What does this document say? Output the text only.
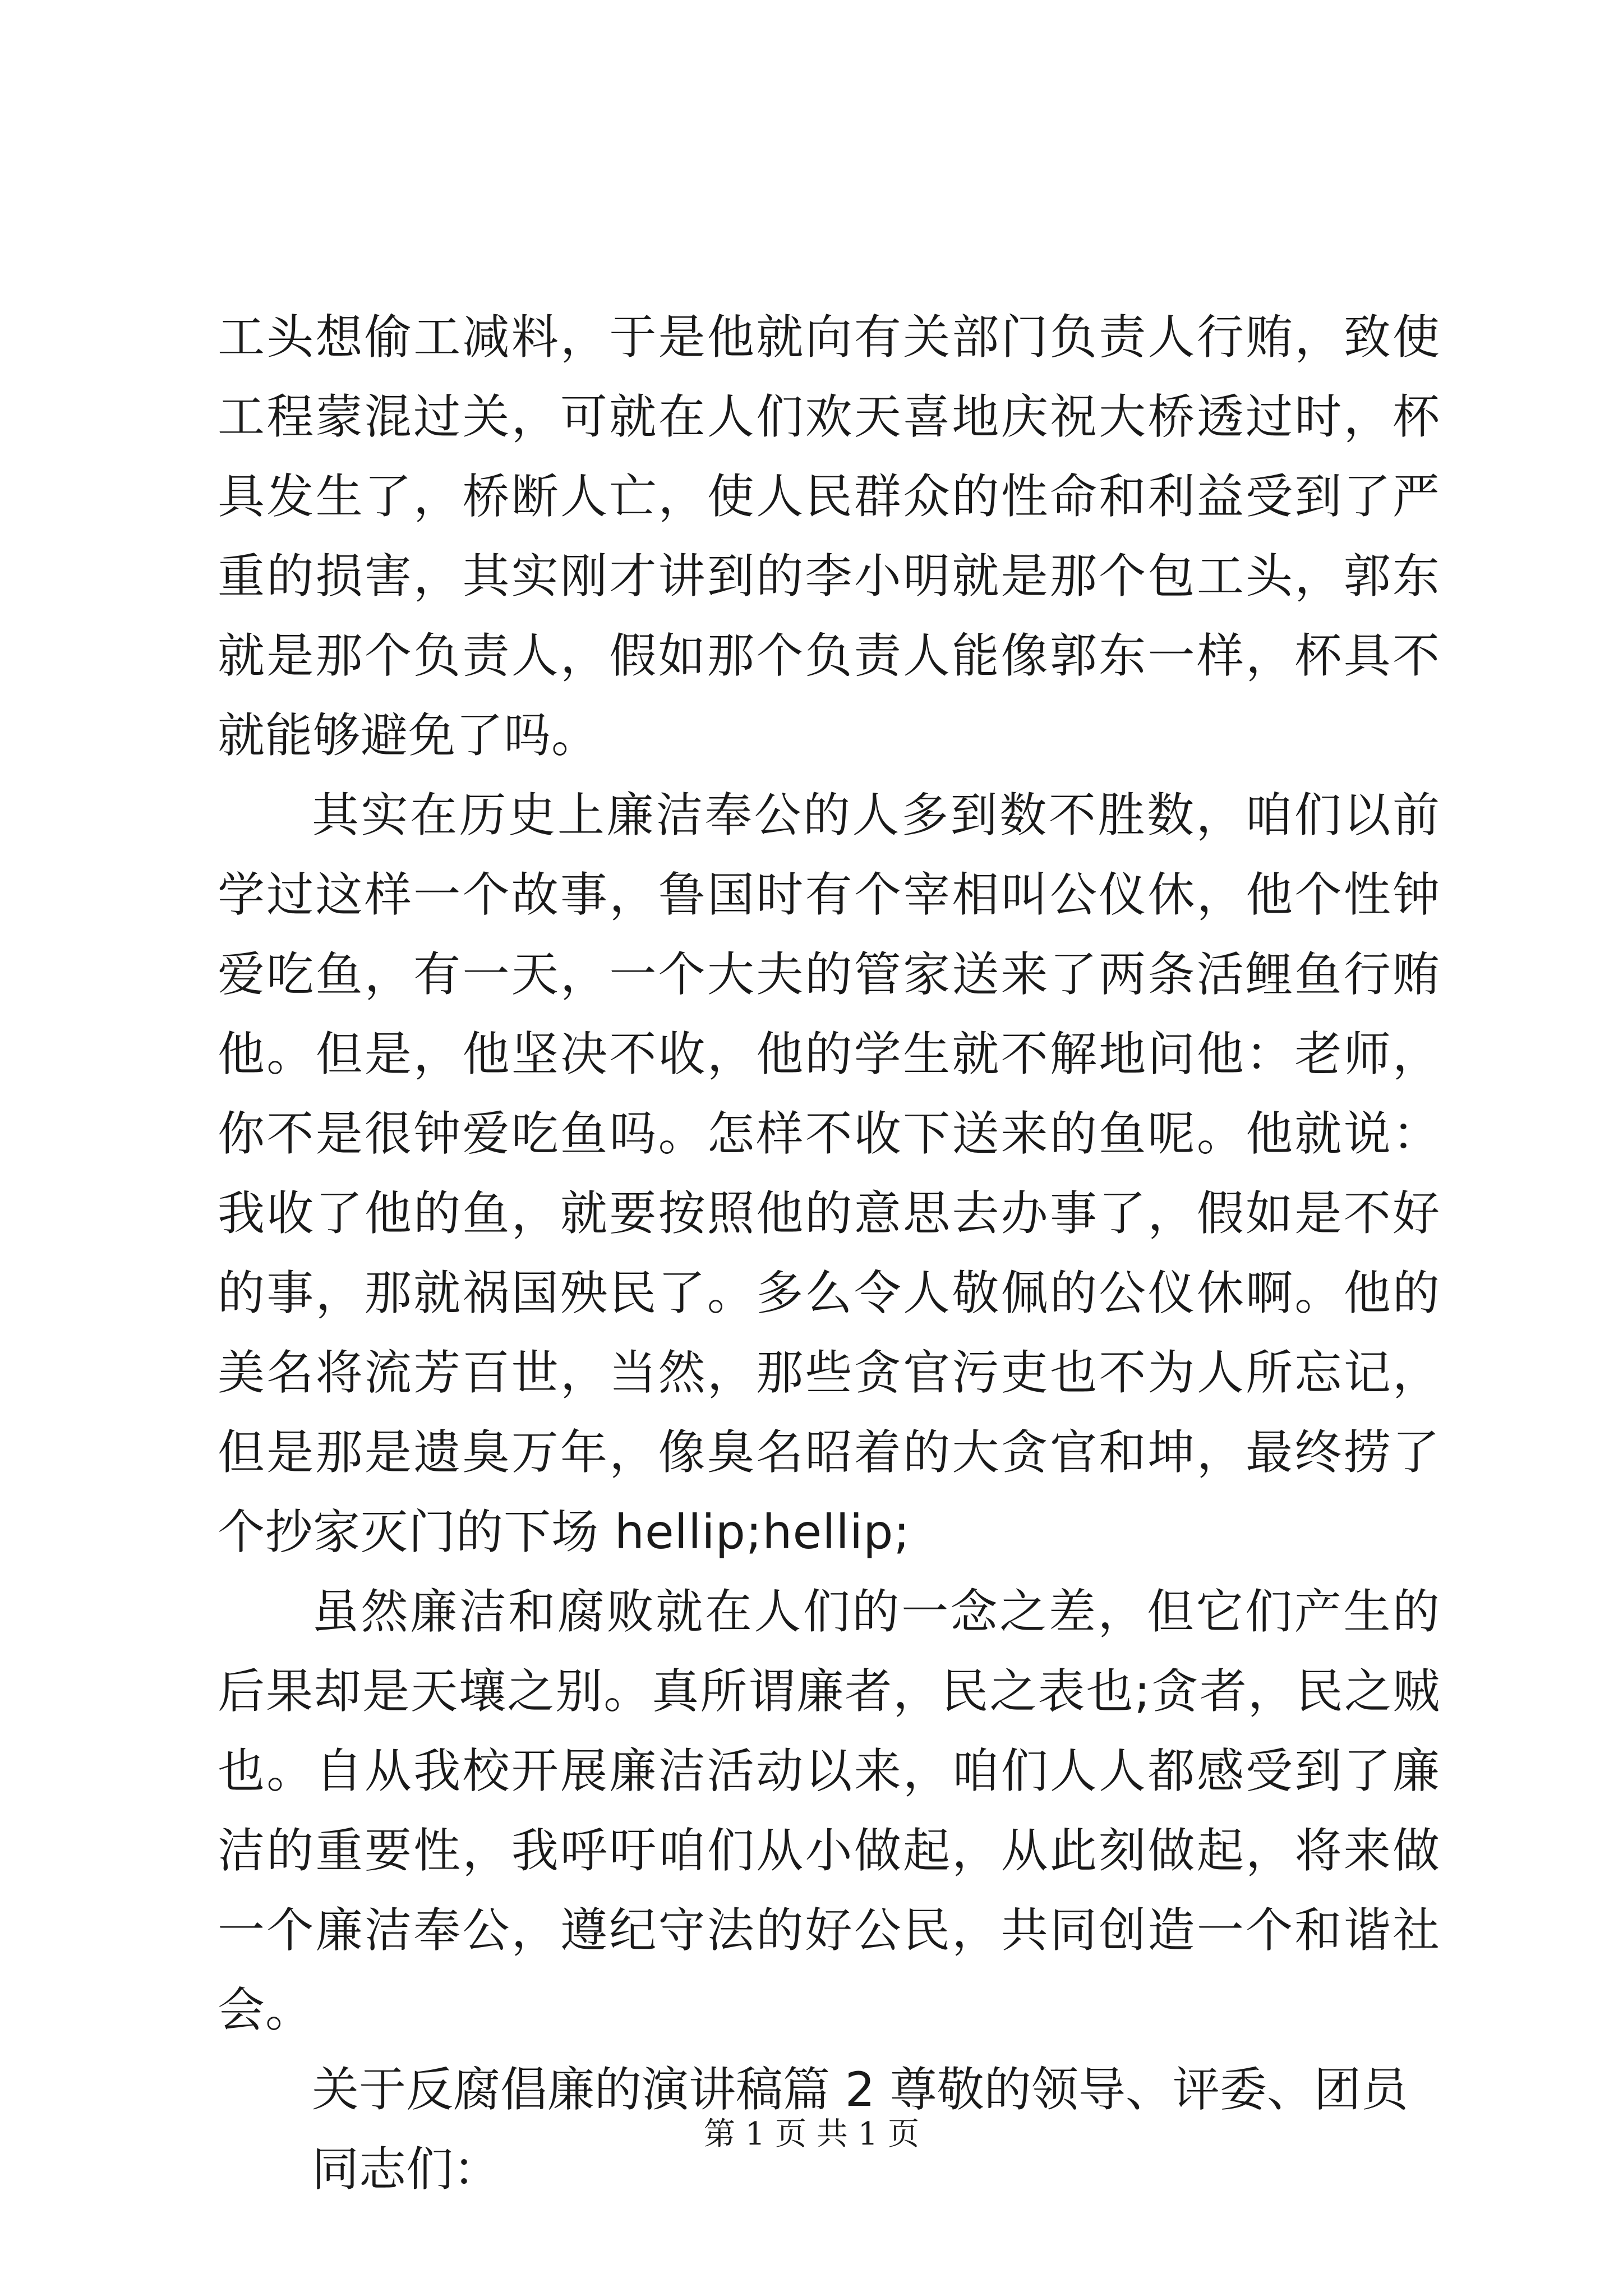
工头想偷工减料，于是他就向有关部门负责人行贿，致使工程蒙混过关，可就在人们欢天喜地庆祝大桥透过时，杯具发生了，桥断人亡，使人民群众的性命和利益受到了严重的损害，其实刚才讲到的李小明就是那个包工头，郭东就是那个负责人，假如那个负责人能像郭东一样，杯具不就能够避免了吗。

其实在历史上廉洁奉公的人多到数不胜数，咱们以前学过这样一个故事，鲁国时有个宰相叫公仪休，他个性钟爱吃鱼，有一天，一个大夫的管家送来了两条活鲤鱼行贿他。但是，他坚决不收，他的学生就不解地问他：老师，你不是很钟爱吃鱼吗。怎样不收下送来的鱼呢。他就说：我收了他的鱼，就要按照他的意思去办事了，假如是不好的事，那就祸国殃民了。多么令人敬佩的公仪休啊。他的美名将流芳百世，当然，那些贪官污吏也不为人所忘记，但是那是遗臭万年，像臭名昭着的大贪官和坤，最终捞了个抄家灭门的下场 hellip;hellip;

虽然廉洁和腐败就在人们的一念之差，但它们产生的后果却是天壤之别。真所谓廉者，民之表也;贪者，民之贼也。自从我校开展廉洁活动以来，咱们人人都感受到了廉洁的重要性，我呼吁咱们从小做起，从此刻做起，将来做一个廉洁奉公，遵纪守法的好公民，共同创造一个和谐社会。

关于反腐倡廉的演讲稿篇 2 尊敬的领导、评委、团员

同志们：

第 1 页 共 1 页
